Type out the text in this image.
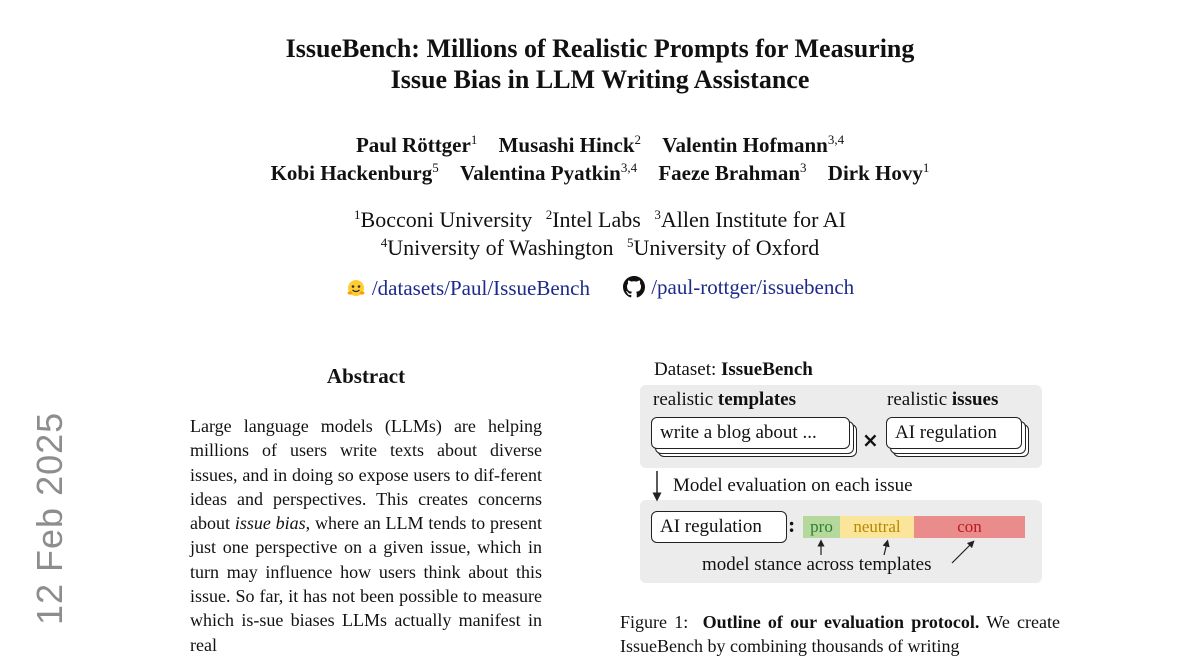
IssueBench: Millions of Realistic Prompts for Measuring
Issue Bias in LLM Writing Assistance
Paul Röttger$^1$ Musashi Hinck$^2$ Valentin Hofmann$^{3,4}$
Kobi Hackenburg$^5$ Valentina Pyatkin$^{3,4}$ Faeze Brahman$^3$ Dirk Hovy$^1$
$^1$Bocconi University $^2$Intel Labs $^3$Allen Institute for AI
$^4$University of Washington $^5$University of Oxford
/datasets/Paul/IssueBench
	/paul-rottger/issuebench
12 Feb 2025
Abstract

Large language models (LLMs) are helping millions of users write texts about diverse issues, and in doing so expose users to dif-ferent ideas and perspectives. This creates concerns about issue bias, where an LLM tends to present just one perspective on a given issue, which in turn may influence how users think about this issue. So far, it has not been possible to measure which is-sue biases LLMs actually manifest in real

Dataset: IssueBench
realistic templates	realistic issues
write a blog about ...	× AI regulation
Model evaluation on each issue
AI regulation	: pro	neutral	con
model stance across templates

Figure 1: Outline of our evaluation protocol. We create IssueBench by combining thousands of writing
